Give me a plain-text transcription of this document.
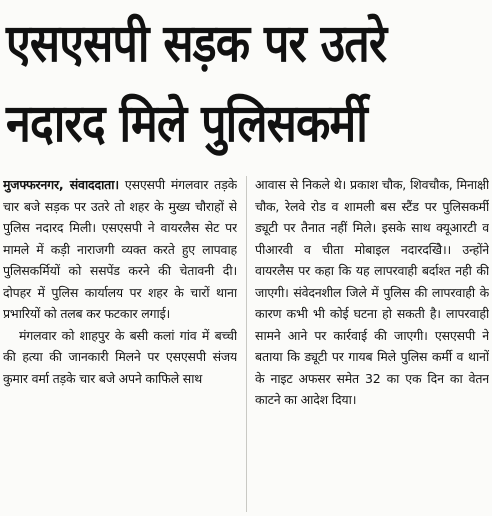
एसएसपी सड़क पर उतरे
नदारद मिले पुलिसकर्मी

मुजफ्फरनगर, संवाददाता। एसएसपी मंगलवार तड़के चार बजे सड़क पर उतरे तो शहर के मुख्य चौराहों से पुलिस नदारद मिली। एसएसपी ने वायरलैस सेट पर मामले में कड़ी नाराजगी व्यक्त करते हुए लापवाह पुलिसकर्मियों को ससपेंड करने की चेतावनी दी। दोपहर में पुलिस कार्यालय पर शहर के चारों थाना प्रभारियों को तलब कर फटकार लगाई।

मंगलवार को शाहपुर के बसी कलां गांव में बच्ची की हत्या की जानकारी मिलने पर एसएसपी संजय कुमार वर्मा तड़के चार बजे अपने काफिले साथ

आवास से निकले थे। प्रकाश चौक, शिवचौक, मिनाक्षी चौक, रेलवे रोड व शामली बस स्टैंड पर पुलिसकर्मी ड्यूटी पर तैनात नहीं मिले। इसके साथ क्यूआरटी व पीआरवी व चीता मोबाइल नदारदखिे।। उन्होंने वायरलैस पर कहा कि यह लापरवाही बर्दाश्त नही की जाएगी। संवेदनशील जिले में पुलिस की लापरवाही के कारण कभी भी कोई घटना हो सकती है। लापरवाही सामने आने पर कार्रवाई की जाएगी। एसएसपी ने बताया कि ड्यूटी पर गायब मिले पुलिस कर्मी व थानों के नाइट अफसर समेत 32 का एक दिन का वेतन काटने का आदेश दिया।
